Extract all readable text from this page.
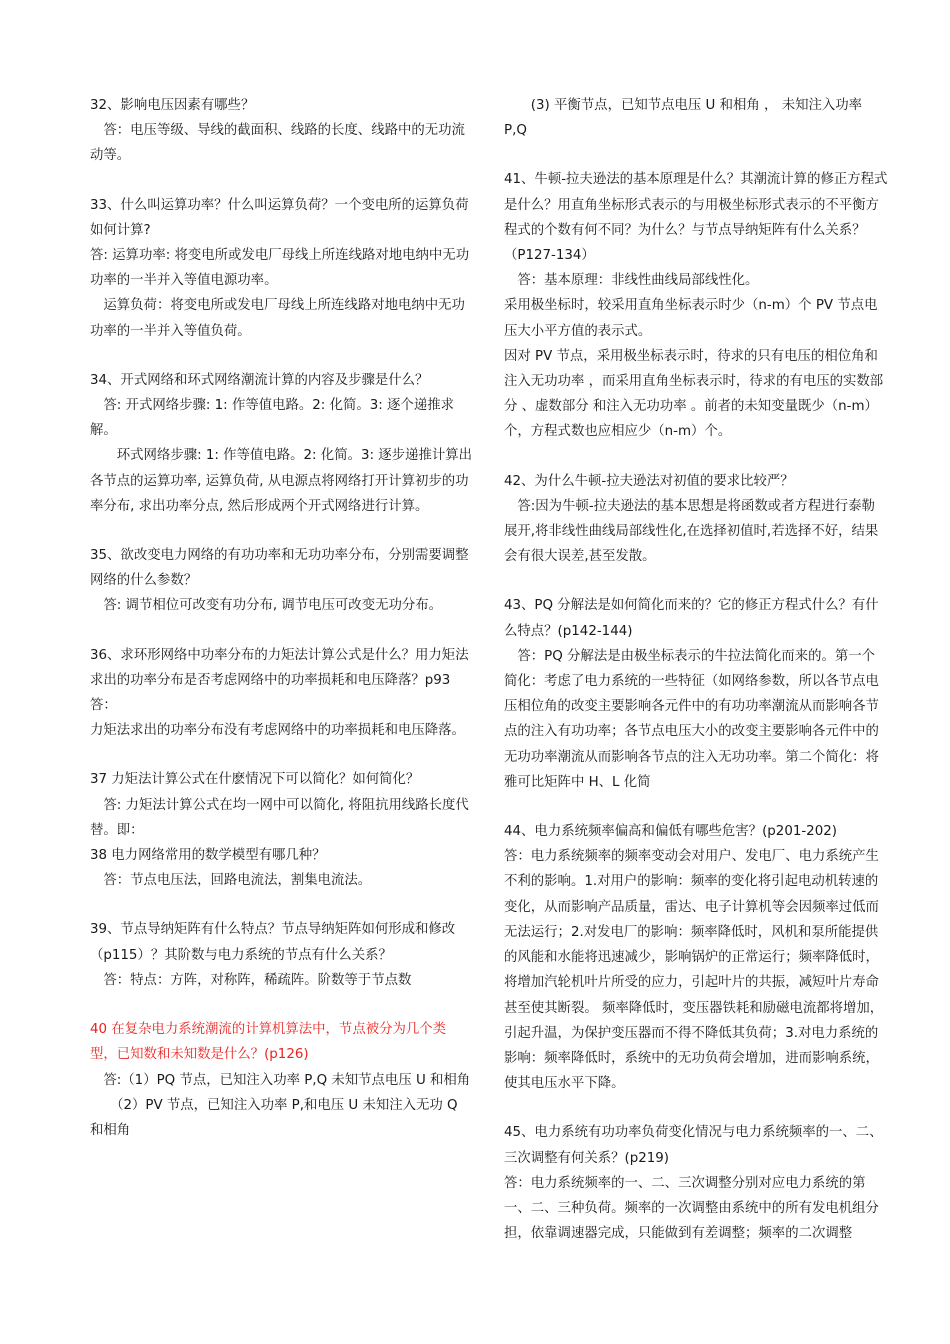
32、影响电压因素有哪些？

　答：电压等级、导线的截面积、线路的长度、线路中的无功流动等。

33、什么叫运算功率？什么叫运算负荷？一个变电所的运算负荷如何计算?

答: 运算功率: 将变电所或发电厂母线上所连线路对地电纳中无功功率的一半并入等值电源功率。

　运算负荷：将变电所或发电厂母线上所连线路对地电纳中无功功率的一半并入等值负荷。

34、开式网络和环式网络潮流计算的内容及步骤是什么？

　答: 开式网络步骤: 1: 作等值电路。2: 化简。3: 逐个递推求解。

　　环式网络步骤: 1: 作等值电路。2: 化简。3: 逐步递推计算出各节点的运算功率, 运算负荷, 从电源点将网络打开计算初步的功率分布, 求出功率分点, 然后形成两个开式网络进行计算。

35、欲改变电力网络的有功功率和无功功率分布，分别需要调整网络的什么参数？

　答: 调节相位可改变有功分布, 调节电压可改变无功分布。

36、求环形网络中功率分布的力矩法计算公式是什么？用力矩法求出的功率分布是否考虑网络中的功率损耗和电压降落？p93

答：

力矩法求出的功率分布没有考虑网络中的功率损耗和电压降落。

37 力矩法计算公式在什麽情况下可以简化？如何简化？

　答: 力矩法计算公式在均一网中可以简化, 将阻抗用线路长度代替。即：

38 电力网络常用的数学模型有哪几种？

　答：节点电压法，回路电流法，割集电流法。

39、节点导纳矩阵有什么特点？节点导纳矩阵如何形成和修改（p115）？其阶数与电力系统的节点有什么关系？

　答：特点：方阵，对称阵，稀疏阵。阶数等于节点数

40 在复杂电力系统潮流的计算机算法中，节点被分为几个类型，已知数和未知数是什么？(p126)

　答:（1）PQ 节点，已知注入功率 P,Q 未知节点电压 U 和相角

　　（2）PV 节点，已知注入功率 P,和电压 U 未知注入无功 Q 和相角

　　(3) 平衡节点，已知节点电压 U 和相角 ， 未知注入功率 P,Q

41、牛顿-拉夫逊法的基本原理是什么？其潮流计算的修正方程式是什么？用直角坐标形式表示的与用极坐标形式表示的不平衡方程式的个数有何不同？为什么？与节点导纳矩阵有什么关系？（P127-134）

　答：基本原理：非线性曲线局部线性化。

采用极坐标时，较采用直角坐标表示时少（n-m）个 PV 节点电压大小平方值的表示式。

因对 PV 节点，采用极坐标表示时，待求的只有电压的相位角和注入无功功率 ，而采用直角坐标表示时，待求的有电压的实数部分 、虚数部分 和注入无功功率 。前者的未知变量既少（n-m）个，方程式数也应相应少（n-m）个。

42、为什么牛顿-拉夫逊法对初值的要求比较严？

　答:因为牛顿-拉夫逊法的基本思想是将函数或者方程进行泰勒展开,将非线性曲线局部线性化,在选择初值时,若选择不好，结果会有很大误差,甚至发散。

43、PQ 分解法是如何简化而来的？它的修正方程式什么？有什么特点？(p142-144)

　答：PQ 分解法是由极坐标表示的牛拉法简化而来的。第一个简化：考虑了电力系统的一些特征（如网络参数，所以各节点电压相位角的改变主要影响各元件中的有功功率潮流从而影响各节点的注入有功功率；各节点电压大小的改变主要影响各元件中的无功功率潮流从而影响各节点的注入无功功率。第二个简化：将雅可比矩阵中 H、L 化简

44、电力系统频率偏高和偏低有哪些危害？(p201-202)

答：电力系统频率的频率变动会对用户、发电厂、电力系统产生不利的影响。1.对用户的影响：频率的变化将引起电动机转速的变化，从而影响产品质量，雷达、电子计算机等会因频率过低而无法运行；2.对发电厂的影响：频率降低时，风机和泵所能提供的风能和水能将迅速减少，影响锅炉的正常运行；频率降低时，将增加汽轮机叶片所受的应力，引起叶片的共振，减短叶片寿命甚至使其断裂。 频率降低时，变压器铁耗和励磁电流都将增加，引起升温，为保护变压器而不得不降低其负荷；3.对电力系统的影响：频率降低时，系统中的无功负荷会增加，进而影响系统，使其电压水平下降。

45、电力系统有功功率负荷变化情况与电力系统频率的一、二、三次调整有何关系？(p219)

答：电力系统频率的一、二、三次调整分别对应电力系统的第一、二、三种负荷。频率的一次调整由系统中的所有发电机组分担，依靠调速器完成，只能做到有差调整；频率的二次调整
